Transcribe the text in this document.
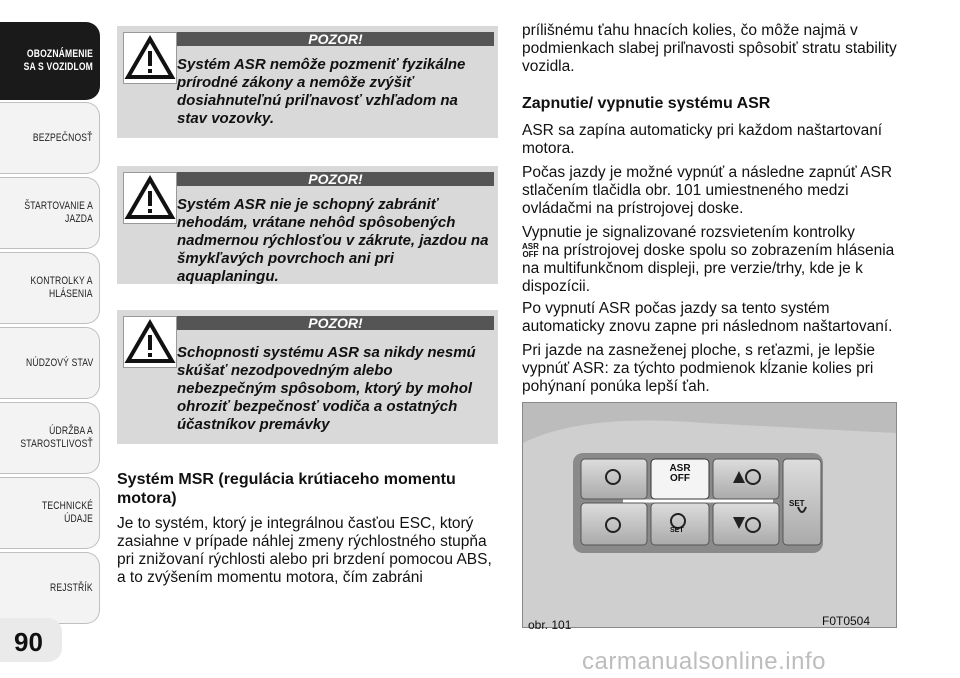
OBOZNÁMENIE
SA S VOZIDLOM
BEZPEČNOSŤ
ŠTARTOVANIE A
JAZDA
KONTROLKY A
HLÁSENIA
NÚDZOVÝ STAV
ÚDRŽBA A
STAROSTLIVOSŤ
TECHNICKÉ ÚDAJE
REJSTŘÍK
90
POZOR!
Systém ASR nemôže pozmeniť fyzikálne prírodné zákony a nemôže zvýšiť dosiahnuteľnú priľnavosť vzhľadom na stav vozovky.
POZOR!
Systém ASR nie je schopný zabrániť nehodám, vrátane nehôd spôsobených nadmernou rýchlosťou v zákrute, jazdou na šmykľavých povrchoch ani pri aquaplaningu.
POZOR!
Schopnosti systému ASR sa nikdy nesmú skúšať nezodpovedným alebo nebezpečným spôsobom, ktorý by mohol ohroziť bezpečnosť vodiča a ostatných účastníkov premávky
Systém MSR (regulácia krútiaceho momentu motora)
Je to systém, ktorý je integrálnou časťou ESC, ktorý zasiahne v prípade náhlej zmeny rýchlostného stupňa pri znižovaní rýchlosti alebo pri brzdení pomocou ABS, a to zvýšením momentu motora, čím zabráni
prílišnému ťahu hnacích kolies, čo môže najmä v podmienkach slabej priľnavosti spôsobiť stratu stability vozidla.
Zapnutie/ vypnutie systému ASR
ASR sa zapína automaticky pri každom naštartovaní motora.
Počas jazdy je možné vypnúť a následne zapnúť ASR stlačením tlačidla obr. 101 umiestneného medzi ovládačmi na prístrojovej doske.
Vypnutie je signalizované rozsvietením kontrolky
ASR
OFF na prístrojovej doske spolu so zobrazením hlásenia na multifunkčnom displeji, pre verzie/trhy, kde je k dispozícii.
Po vypnutí ASR počas jazdy sa tento systém automaticky znovu zapne pri následnom naštartovaní.
Pri jazde na zasneženej ploche, s reťazmi, je lepšie vypnúť ASR: za týchto podmienok kĺzanie kolies pri pohýnaní ponúka lepší ťah.
ASR
OFF
SET
SET
obr. 101	F0T0504
carmanualsonline.info
